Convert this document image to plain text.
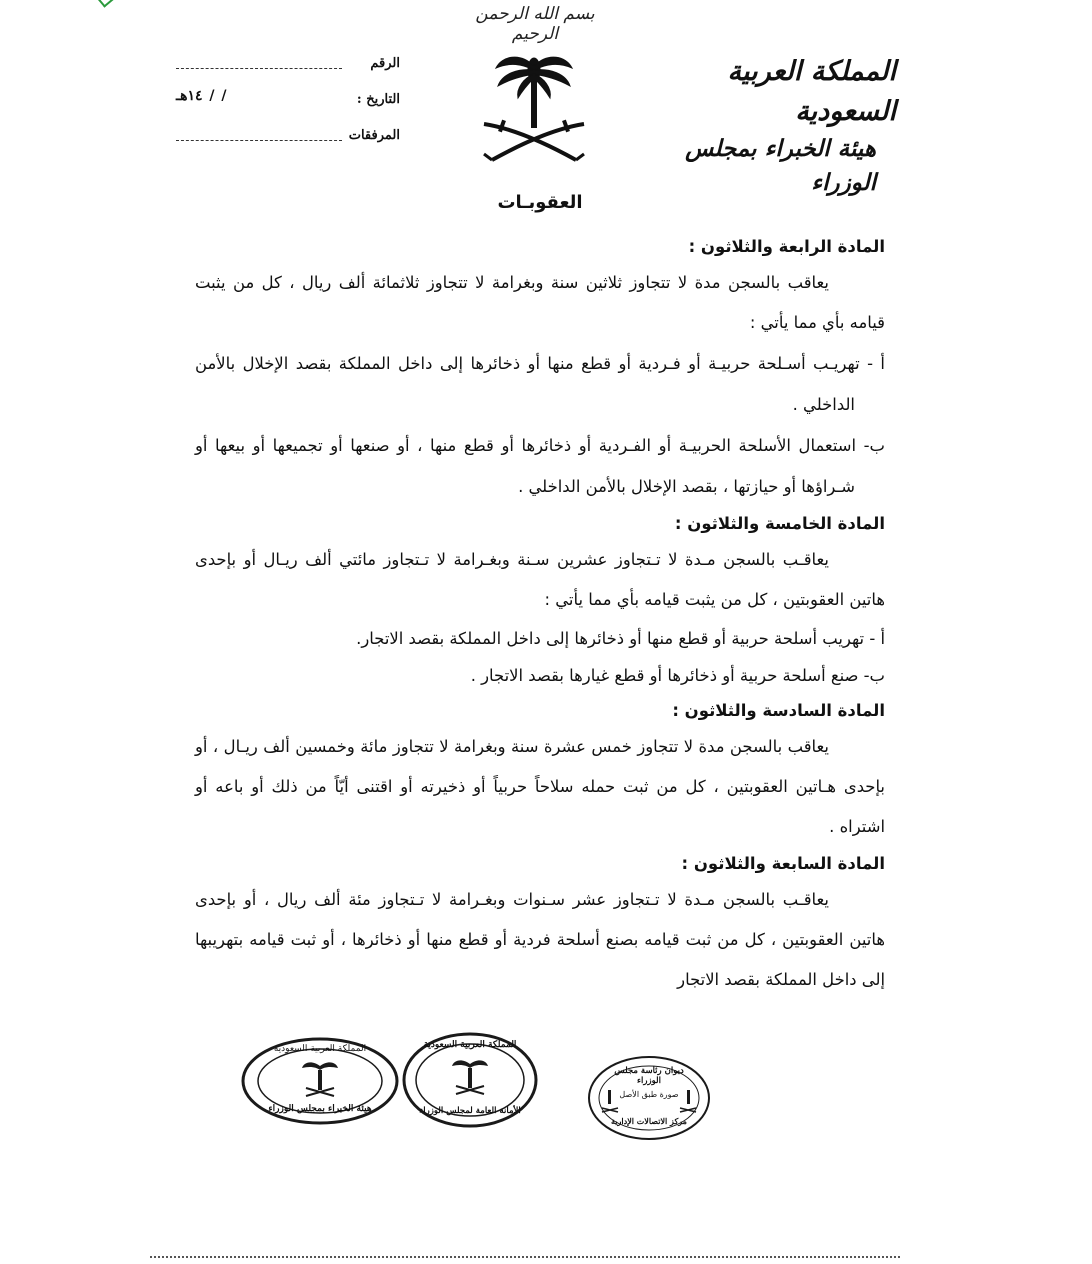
بسم الله الرحمن الرحيم
المملكة العربية السعودية
هيئة الخبراء بمجلس الوزراء
الرقم
التاريخ :
١٤هـ / /
المرفقات
العقوبـات
المادة الرابعة والثلاثون :
يعاقب بالسجن مدة لا تتجاوز ثلاثين سنة وبغرامة لا تتجاوز ثلاثمائة ألف ريال ، كل من يثبت قيامه بأي مما يأتي :
أ - تهريـب أسـلحة حربيـة أو فـردية أو قطع منها أو ذخائرها إلى داخل المملكة بقصد الإخلال بالأمن الداخلي .
ب- استعمال الأسلحة الحربيـة أو الفـردية أو ذخائرها أو قطع منها ، أو صنعها أو تجميعها أو بيعها أو شـراؤها أو حيازتها ، بقصد الإخلال بالأمن الداخلي .
المادة الخامسة والثلاثون :
يعاقـب بالسجن مـدة لا تـتجاوز عشرين سـنة وبغـرامة لا تـتجاوز مائتي ألف ريـال أو بإحدى هاتين العقوبتين ، كل من يثبت قيامه بأي مما يأتي :
أ - تهريب أسلحة حربية أو قطع منها أو ذخائرها إلى داخل المملكة بقصد الاتجار.
ب- صنع أسلحة حربية أو ذخائرها أو قطع غيارها بقصد الاتجار .
المادة السادسة والثلاثون :
يعاقب بالسجن مدة لا تتجاوز خمس عشرة سنة وبغرامة لا تتجاوز مائة وخمسين ألف ريـال ، أو بإحدى هـاتين العقوبتين ، كل من ثبت حمله سلاحاً حربياً أو ذخيرته أو اقتنى أيّاً من ذلك أو باعه أو اشتراه .
المادة السابعة والثلاثون :
يعاقـب بالسجن مـدة لا تـتجاوز عشر سـنوات وبغـرامة لا تـتجاوز مئة ألف ريال ، أو بإحدى هاتين العقوبتين ، كل من ثبت قيامه بصنع أسلحة فردية أو قطع منها أو ذخائرها ، أو ثبت قيامه بتهريبها إلى داخل المملكة بقصد الاتجار
المملكة العربية السعودية
هيئة الخبراء بمجلس الوزراء
المملكة العربية السعودية
الأمانة العامة لمجلس الوزراء
ديوان رئاسة مجلس الوزراء
صورة طبق الأصل
مركز الاتصالات الإدارية
